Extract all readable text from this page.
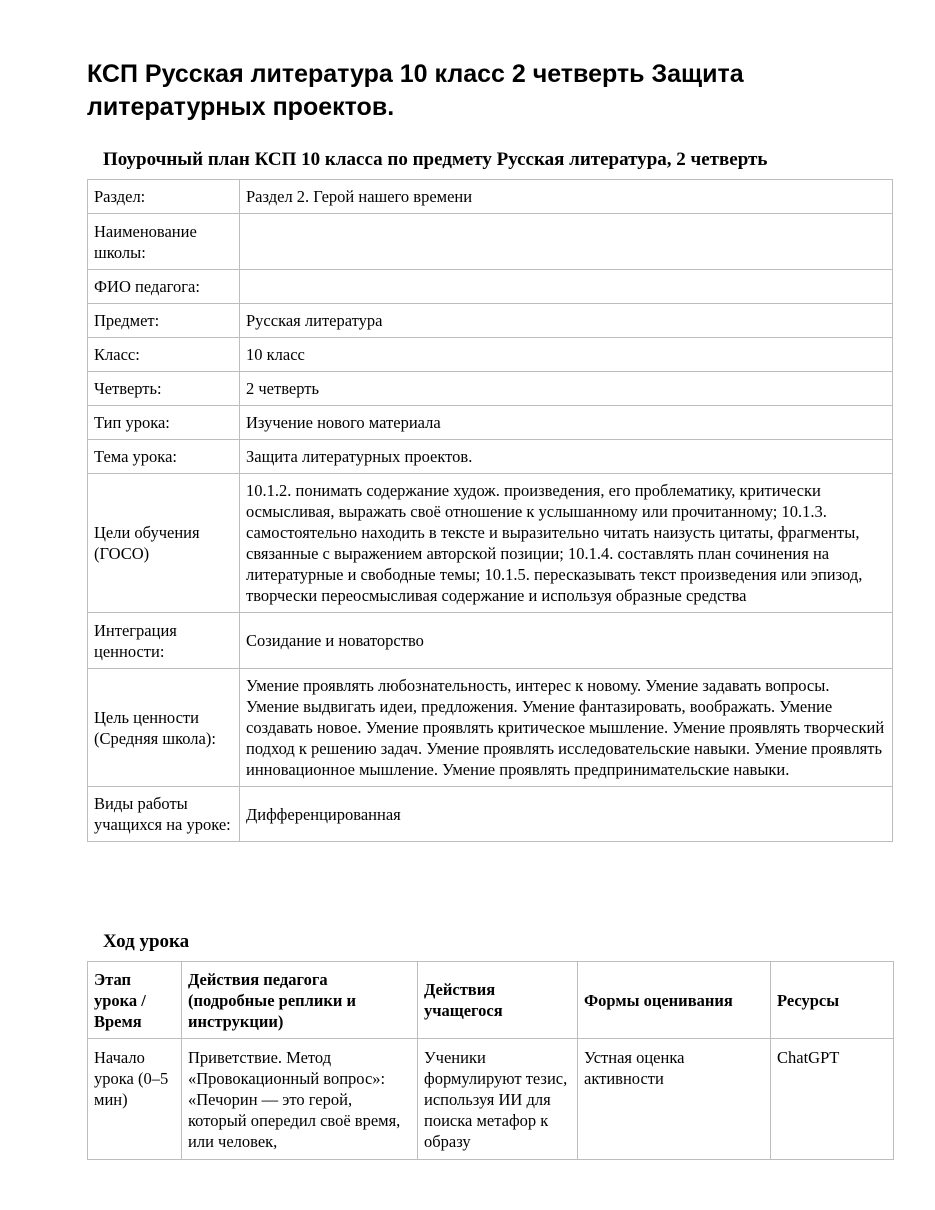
КСП Русская литература 10 класс 2 четверть Защита литературных проектов.
Поурочный план КСП 10 класса по предмету Русская литература, 2 четверть
Раздел:	Раздел 2. Герой нашего времени
Наименование школы:	
ФИО педагога:	
Предмет:	Русская литература
Класс:	10 класс
Четверть:	2 четверть
Тип урока:	Изучение нового материала
Тема урока:	Защита литературных проектов.
Цели обучения (ГОСО)	10.1.2. понимать содержание худож. произведения, его проблематику, критически осмысливая, выражать своё отношение к услышанному или прочитанному; 10.1.3. самостоятельно находить в тексте и выразительно читать наизусть цитаты, фрагменты, связанные с выражением авторской позиции; 10.1.4. составлять план сочинения на литературные и свободные темы; 10.1.5. пересказывать текст произведения или эпизод, творчески переосмысливая содержание и используя образные средства
Интеграция ценности:	Созидание и новаторство
Цель ценности (Средняя школа):	Умение проявлять любознательность, интерес к новому. Умение задавать вопросы. Умение выдвигать идеи, предложения. Умение фантазировать, воображать. Умение создавать новое. Умение проявлять критическое мышление. Умение проявлять творческий подход к решению задач. Умение проявлять исследовательские навыки. Умение проявлять инновационное мышление. Умение проявлять предпринимательские навыки.
Виды работы учащихся на уроке:	Дифференцированная
Ход урока
Этап урока / Время	Действия педагога (подробные реплики и инструкции)	Действия учащегося	Формы оценивания	Ресурсы
Начало урока (0–5 мин)	Приветствие. Метод «Провокационный вопрос»: «Печорин — это герой, который опередил своё время, или человек,	Ученики формулируют тезис, используя ИИ для поиска метафор к образу	Устная оценка активности	ChatGPT
